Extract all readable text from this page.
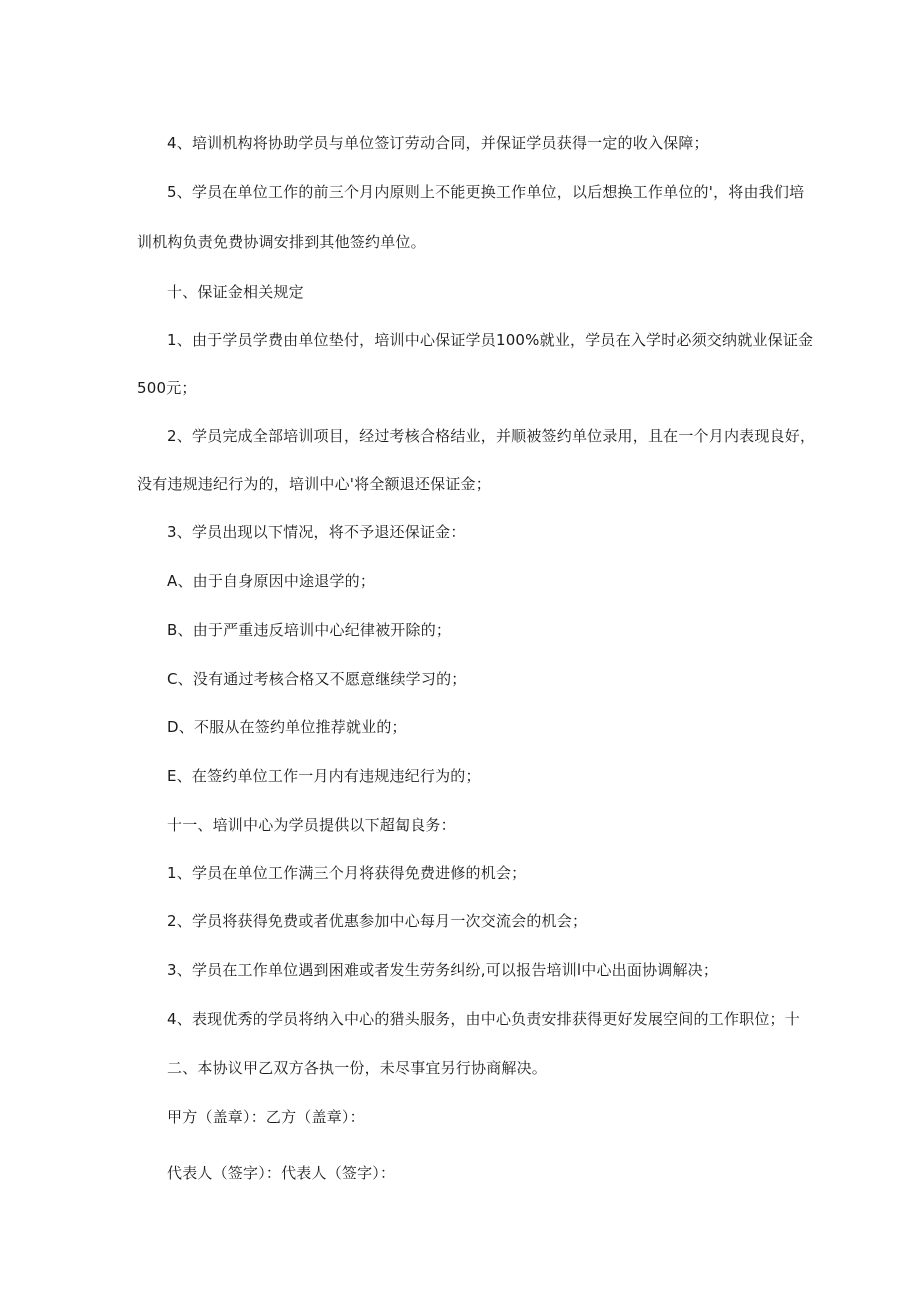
4、培训机构将协助学员与单位签订劳动合同，并保证学员获得一定的收入保障；
5、学员在单位工作的前三个月内原则上不能更换工作单位，以后想换工作单位的'，将由我们培
训机构负责免费协调安排到其他签约单位。
十、保证金相关规定
1、由于学员学费由单位垫付，培训中心保证学员100%就业，学员在入学时必须交纳就业保证金
500元；
2、学员完成全部培训项目，经过考核合格结业，并顺被签约单位录用，且在一个月内表现良好，
没有违规违纪行为的，培训中心'将全额退还保证金；
3、学员出现以下情况，将不予退还保证金：
A、由于自身原因中途退学的；
B、由于严重违反培训中心纪律被开除的；
C、没有通过考核合格又不愿意继续学习的；
D、不服从在签约单位推荐就业的；
E、在签约单位工作一月内有违规违纪行为的；
十一、培训中心为学员提供以下超匐良务：
1、学员在单位工作满三个月将获得免费进修的机会；
2、学员将获得免费或者优惠参加中心每月一次交流会的机会；
3、学员在工作单位遇到困难或者发生劳务纠纷,可以报告培训l中心出面协调解决；
4、表现优秀的学员将纳入中心的猎头服务，由中心负责安排获得更好发展空间的工作职位；十
二、本协议甲乙双方各执一份，未尽事宜另行协商解决。
甲方（盖章）：乙方（盖章）：
代表人（签字）：代表人（签字）：
